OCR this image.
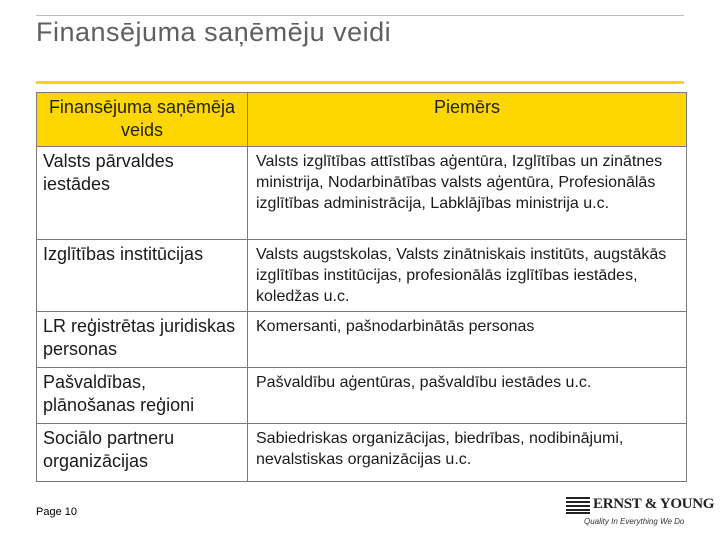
Finansējuma saņēmēju veidi
Finansējuma saņēmēja veids	Piemērs
Valsts pārvaldes iestādes	Valsts izglītības attīstības aģentūra, Izglītības un zinātnes ministrija, Nodarbinātības valsts aģentūra, Profesionālās izglītības administrācija, Labklājības ministrija u.c.
Izglītības institūcijas	Valsts augstskolas, Valsts zinātniskais institūts, augstākās izglītības institūcijas, profesionālās izglītības iestādes, koledžas u.c.
LR reģistrētas juridiskas personas	Komersanti, pašnodarbinātās personas
Pašvaldības, plānošanas reģioni	Pašvaldību aģentūras, pašvaldību iestādes u.c.
Sociālo partneru organizācijas	Sabiedriskas organizācijas, biedrības, nodibinājumi, nevalstiskas organizācijas u.c.
Page 10	ERNST & YOUNG
Quality In Everything We Do
